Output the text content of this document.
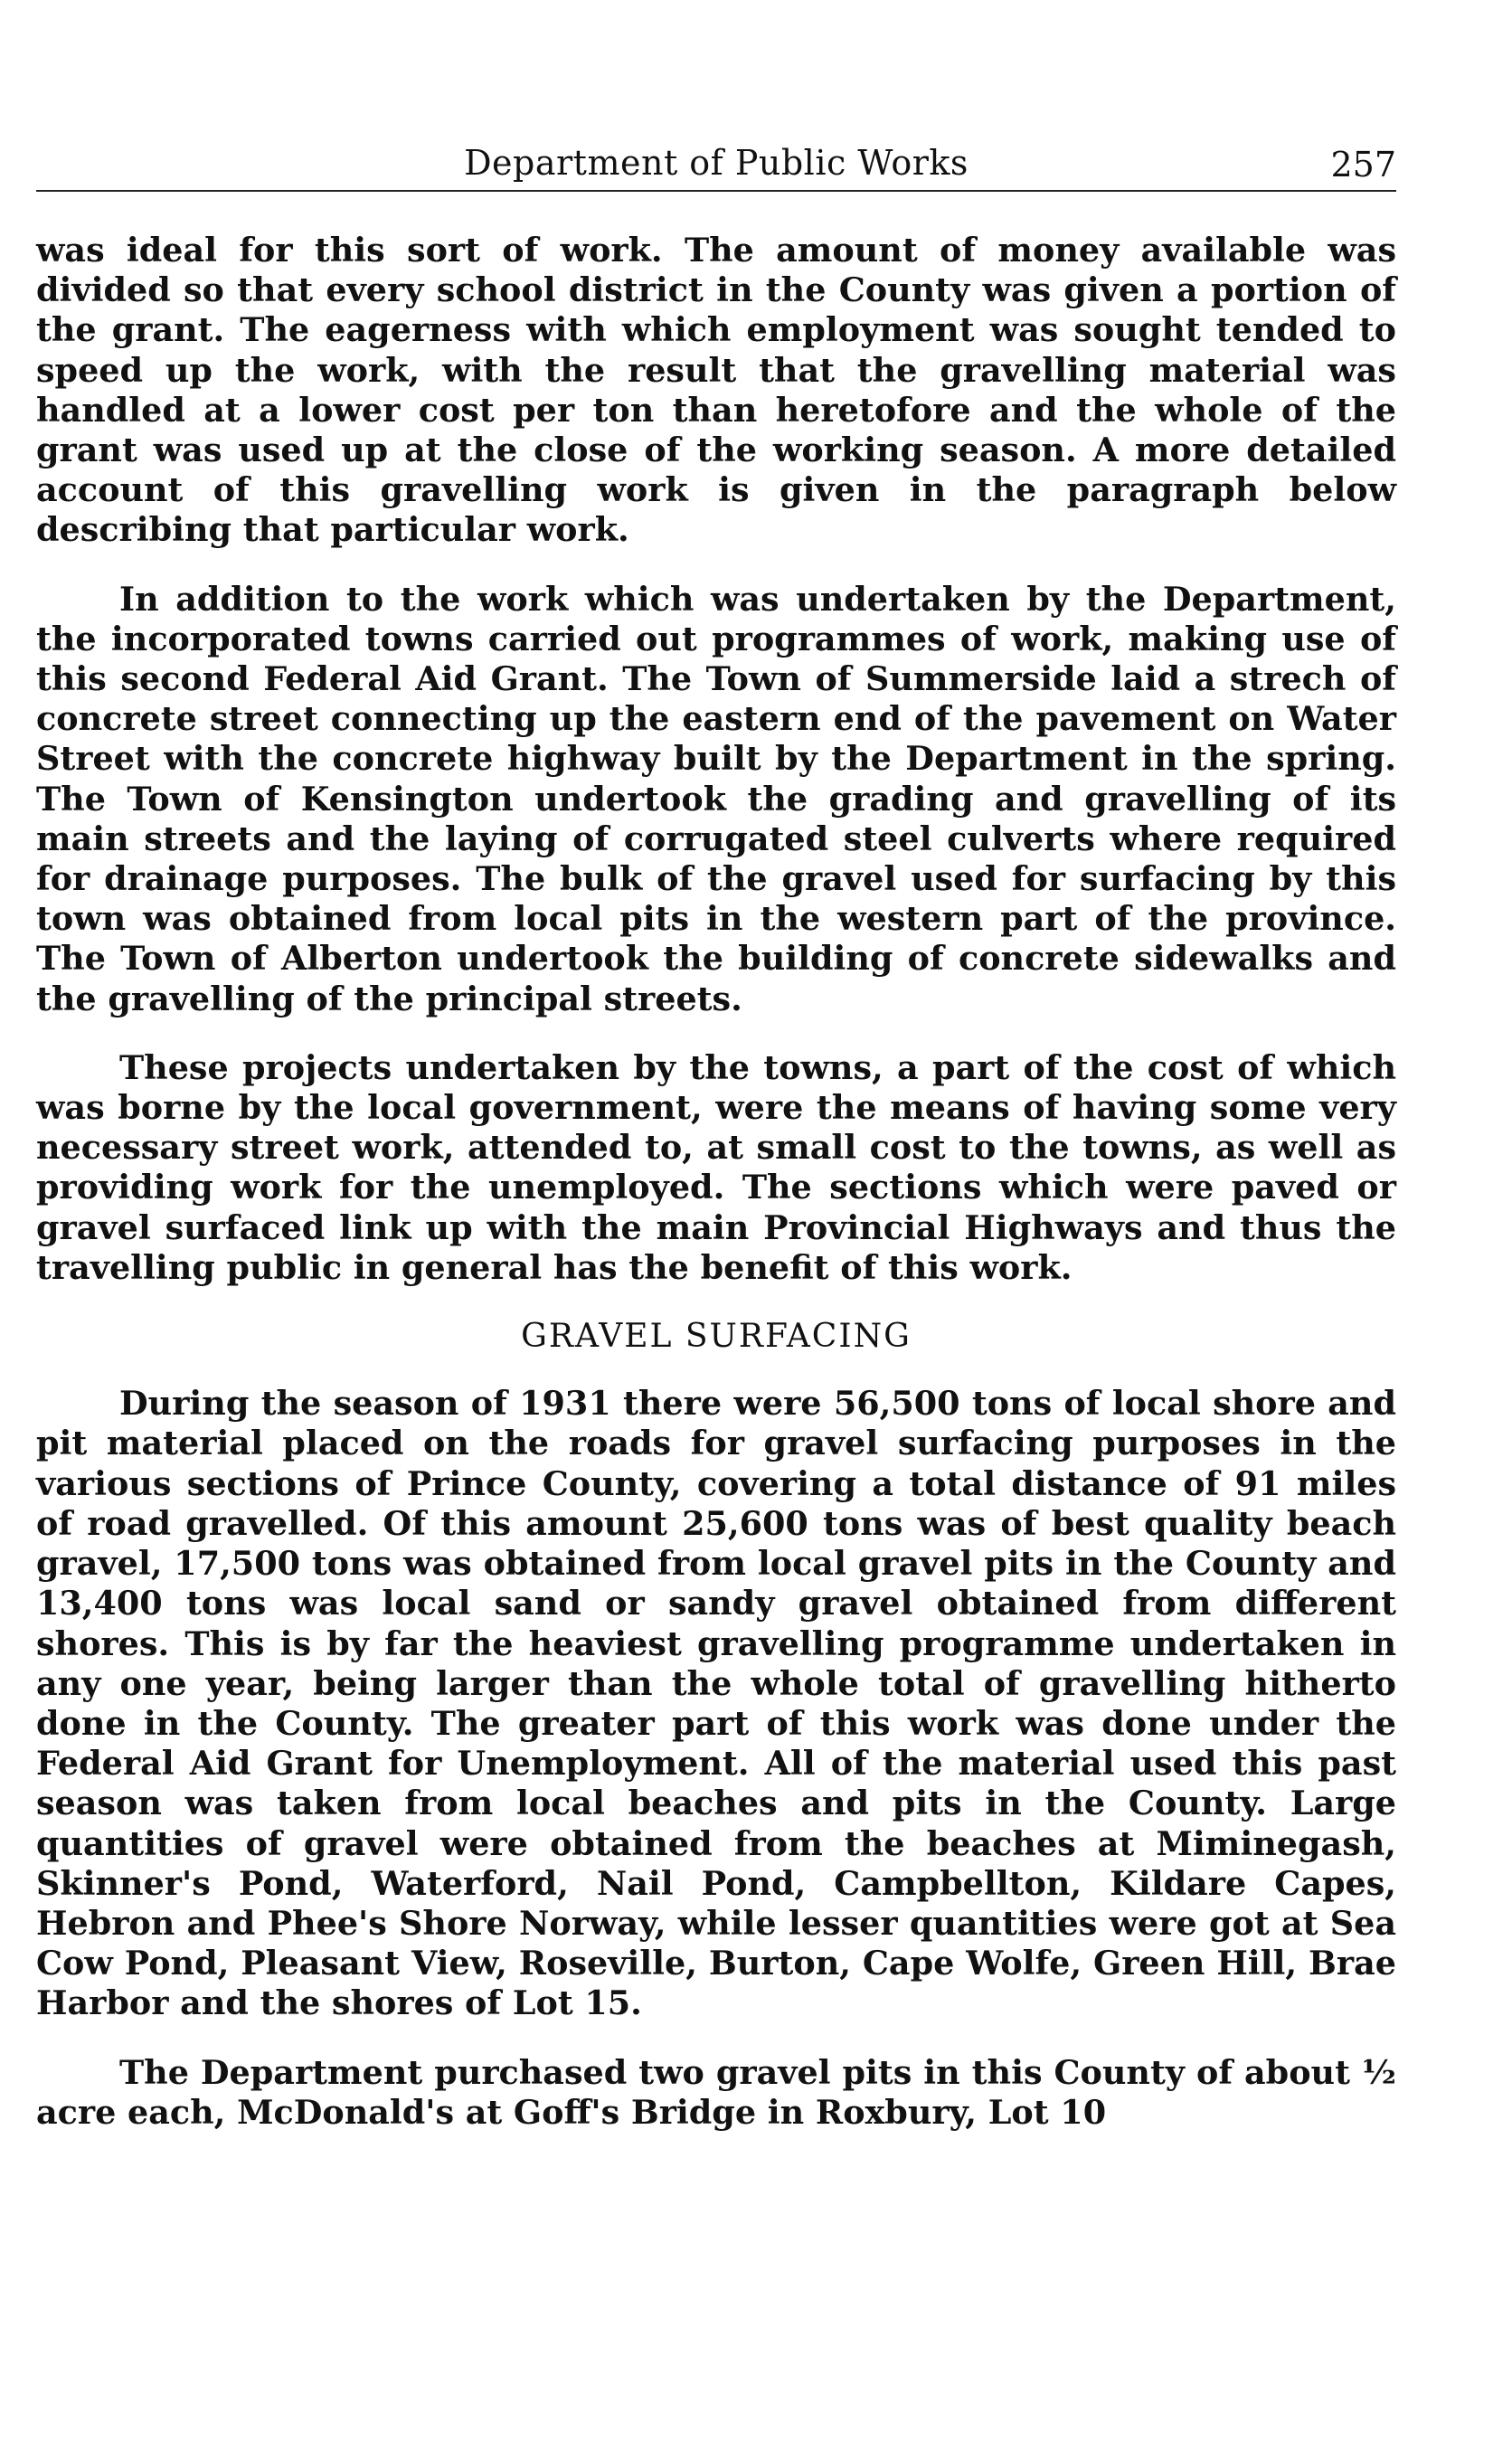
Department of Public Works	257

was ideal for this sort of work. The amount of money available was divided so that every school district in the County was given a portion of the grant. The eagerness with which employment was sought tended to speed up the work, with the result that the gravelling material was handled at a lower cost per ton than heretofore and the whole of the grant was used up at the close of the working season. A more detailed account of this gravelling work is given in the paragraph below describing that particular work.

In addition to the work which was undertaken by the Department, the incorporated towns carried out programmes of work, making use of this second Federal Aid Grant. The Town of Summerside laid a strech of concrete street connecting up the eastern end of the pavement on Water Street with the concrete highway built by the Department in the spring. The Town of Kensington undertook the grading and gravelling of its main streets and the laying of corrugated steel culverts where required for drainage purposes. The bulk of the gravel used for surfacing by this town was obtained from local pits in the western part of the province. The Town of Alberton undertook the building of concrete sidewalks and the gravelling of the principal streets.

These projects undertaken by the towns, a part of the cost of which was borne by the local government, were the means of having some very necessary street work, attended to, at small cost to the towns, as well as providing work for the unemployed. The sections which were paved or gravel surfaced link up with the main Provincial Highways and thus the travelling public in general has the benefit of this work.

GRAVEL SURFACING

During the season of 1931 there were 56,500 tons of local shore and pit material placed on the roads for gravel surfacing purposes in the various sections of Prince County, covering a total distance of 91 miles of road gravelled. Of this amount 25,600 tons was of best quality beach gravel, 17,500 tons was obtained from local gravel pits in the County and 13,400 tons was local sand or sandy gravel obtained from different shores. This is by far the heaviest gravelling programme undertaken in any one year, being larger than the whole total of gravelling hitherto done in the County. The greater part of this work was done under the Federal Aid Grant for Unemployment. All of the material used this past season was taken from local beaches and pits in the County. Large quantities of gravel were obtained from the beaches at Miminegash, Skinner's Pond, Waterford, Nail Pond, Campbellton, Kildare Capes, Hebron and Phee's Shore Norway, while lesser quantities were got at Sea Cow Pond, Pleasant View, Roseville, Burton, Cape Wolfe, Green Hill, Brae Harbor and the shores of Lot 15.

The Department purchased two gravel pits in this County of about ½ acre each, McDonald's at Goff's Bridge in Roxbury, Lot 10
